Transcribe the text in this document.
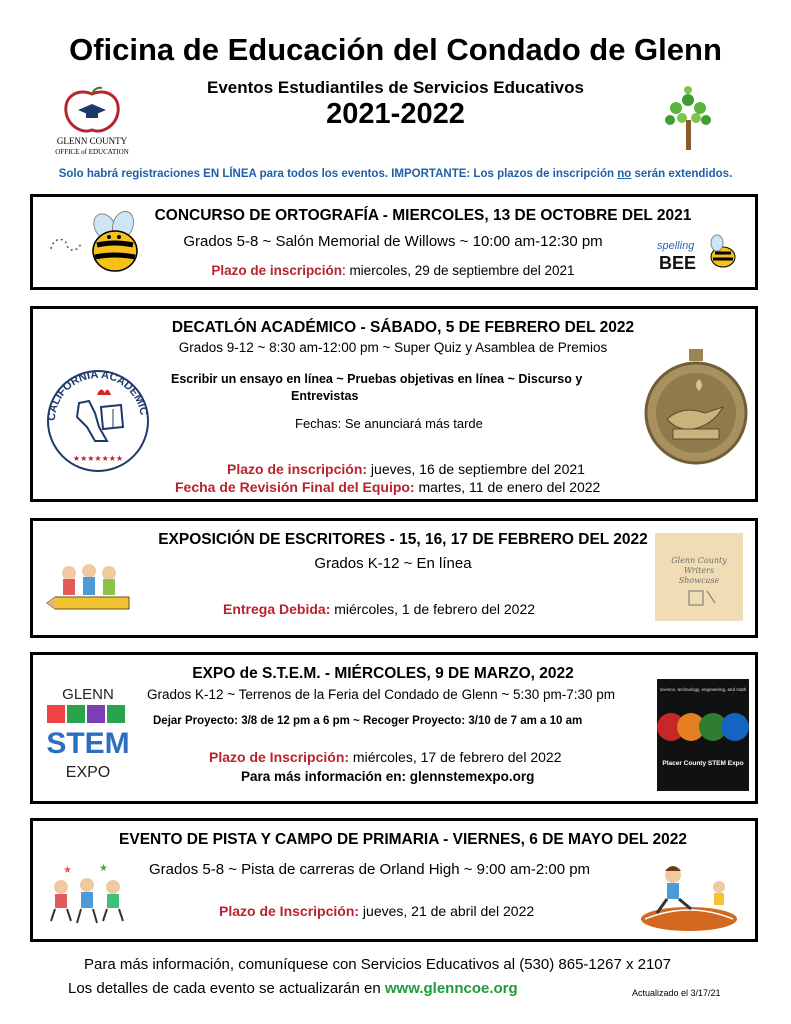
Oficina de Educación del Condado de Glenn
Eventos Estudiantiles de Servicios Educativos
2021-2022
GLENN COUNTY
OFFICE of EDUCATION
Solo habrá registraciones EN LÍNEA para todos los eventos. IMPORTANTE: Los plazos de inscripción no serán extendidos.
CONCURSO DE ORTOGRAFÍA - MIERCOLES, 13 DE OCTOBRE DEL 2021
Grados 5-8 ~ Salón Memorial de Willows ~ 10:00 am-12:30 pm
Plazo de inscripción: miercoles, 29 de septiembre del 2021
spelling
BEE
CALIFORNIA ACADEMIC
★★★★★★★
DECATLÓN ACADÉMICO - SÁBADO, 5 DE FEBRERO DEL 2022
Grados 9-12 ~ 8:30 am-12:00 pm ~ Super Quiz y Asamblea de Premios
Escribir un ensayo en línea ~ Pruebas objetivas en línea ~ Discurso y
Entrevistas
Fechas: Se anunciará más tarde
Plazo de inscripción: jueves, 16 de septiembre del 2021
Fecha de Revisión Final del Equipo: martes, 11 de enero del 2022
EXPOSICIÓN DE ESCRITORES - 15, 16, 17 DE FEBRERO DEL 2022
Grados K-12 ~ En línea
Entrega Debida: miércoles, 1 de febrero del 2022
Glenn County
Writers
Showcase
GLENN
STEM
EXPO
EXPO de S.T.E.M. - MIÉRCOLES, 9 DE MARZO, 2022
Grados K-12 ~ Terrenos de la Feria del Condado de Glenn ~ 5:30 pm-7:30 pm
Dejar Proyecto: 3/8 de 12 pm a 6 pm ~ Recoger Proyecto: 3/10 de 7 am a 10 am
Plazo de Inscripción: miércoles, 17 de febrero del 2022
Para más información en: glennstemexpo.org
science, technology, engineering, and math
Placer County STEM Expo
★	★
EVENTO DE PISTA Y CAMPO DE PRIMARIA - VIERNES, 6 DE MAYO DEL 2022
Grados 5-8 ~ Pista de carreras de Orland High ~ 9:00 am-2:00 pm
Plazo de Inscripción: jueves, 21 de abril del 2022
Para más información, comuníquese con Servicios Educativos al (530) 865-1267 x 2107
Los detalles de cada evento se actualizarán en www.glenncoe.org	Actualizado el 3/17/21
